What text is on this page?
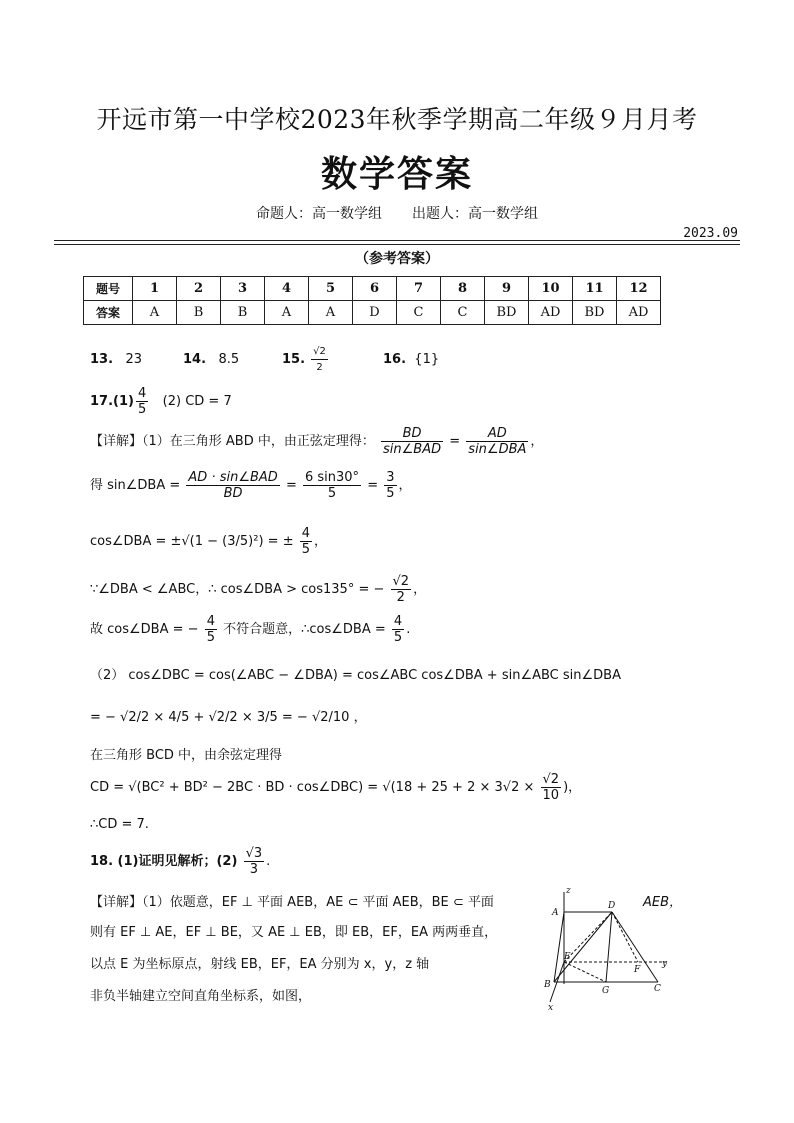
开远市第一中学校2023年秋季学期高二年级９月月考
数学答案
命题人：高一数学组 出题人：高一数学组
2023.09
（参考答案）
题号	1	2	3	4	5	6	7	8	9	10	11	12
答案	A	B	B	A	A	D	C	C	BD	AD	BD	AD
13. 23	14. 8.5	15. $\frac{√2}{2}$	16. {1}
$17.(1) \frac{4}{5} (2)$ CD = 7
【详解】（1）在三角形 ABD 中，由正弦定理得： $\frac{BD}{\text{sin∠BAD}} = \frac{AD}{\text{sin∠DBA}}$ ，
得 sin∠DBA = $\frac{\text{AD · sin∠BAD}}{BD} = \frac{6 \sin 30^\circ}{5} = \frac{3}{5}$ ，
cos∠DBA = ±√(1 − (3/5)²) = ± $\frac{4}{5}$ ，
∵∠DBA < ∠ABC，∴ cos∠DBA > cos135° = − $\frac{√2}{2}$ ，
故 cos∠DBA = − $\frac{4}{5}$ 不符合题意，∴cos∠DBA = $\frac{4}{5}$ .
（2） cos∠DBC = cos(∠ABC − ∠DBA) = cos∠ABC cos∠DBA + sin∠ABC sin∠DBA
= − √2/2 × 4/5 + √2/2 × 3/5 = − √2/10 ，
在三角形 BCD 中，由余弦定理得
CD = √(BC² + BD² − 2BC · BD · cos∠DBC) = $√(18 + 25 + 2 \times 3√2 \times \frac{√2}{10}$ )，
∴CD = 7.
18. (1)证明见解析；$(2) \frac{√3}{3}$ .
【详解】（1）依题意，EF ⊥ 平面 AEB，AE ⊂ 平面 AEB，BE ⊂ 平面	AEB，
则有 EF ⊥ AE，EF ⊥ BE，又 AE ⊥ EB，即 EB，EF，EA 两两垂直，
以点 E 为坐标原点，射线 EB，EF，EA 分别为 x，y，z 轴
非负半轴建立空间直角坐标系，如图，
z
A
D
E
F
y
B
G	C
x
